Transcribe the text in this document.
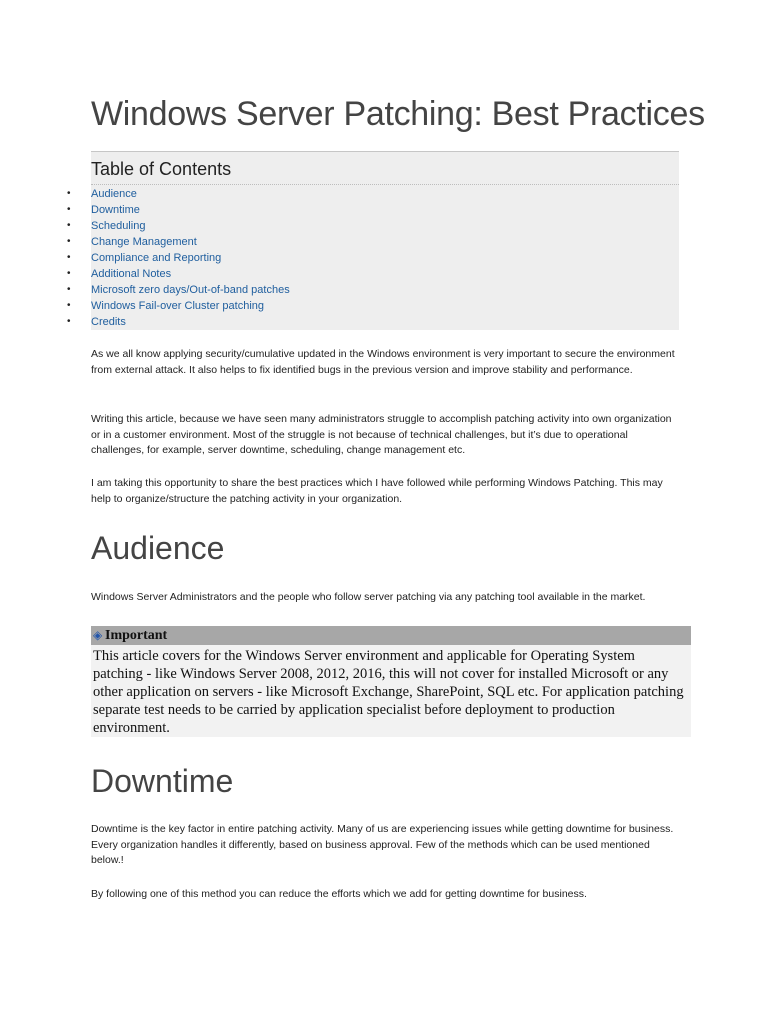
Windows Server Patching: Best Practices
Table of Contents
• Audience
• Downtime
• Scheduling
• Change Management
• Compliance and Reporting
• Additional Notes
• Microsoft zero days/Out-of-band patches
• Windows Fail-over Cluster patching
• Credits

As we all know applying security/cumulative updated in the Windows environment is very important to secure the environment from external attack. It also helps to fix identified bugs in the previous version and improve stability and performance.

Writing this article, because we have seen many administrators struggle to accomplish patching activity into own organization or in a customer environment. Most of the struggle is not because of technical challenges, but it’s due to operational challenges, for example, server downtime, scheduling, change management etc.

I am taking this opportunity to share the best practices which I have followed while performing Windows Patching. This may help to organize/structure the patching activity in your organization.

Audience

Windows Server Administrators and the people who follow server patching via any patching tool available in the market.

◈ Important
This article covers for the Windows Server environment and applicable for Operating System patching - like Windows Server 2008, 2012, 2016, this will not cover for installed Microsoft or any other application on servers - like Microsoft Exchange, SharePoint, SQL etc. For application patching separate test needs to be carried by application specialist before deployment to production environment.
Downtime

Downtime is the key factor in entire patching activity. Many of us are experiencing issues while getting downtime for business. Every organization handles it differently, based on business approval. Few of the methods which can be used mentioned below.!

By following one of this method you can reduce the efforts which we add for getting downtime for business.
